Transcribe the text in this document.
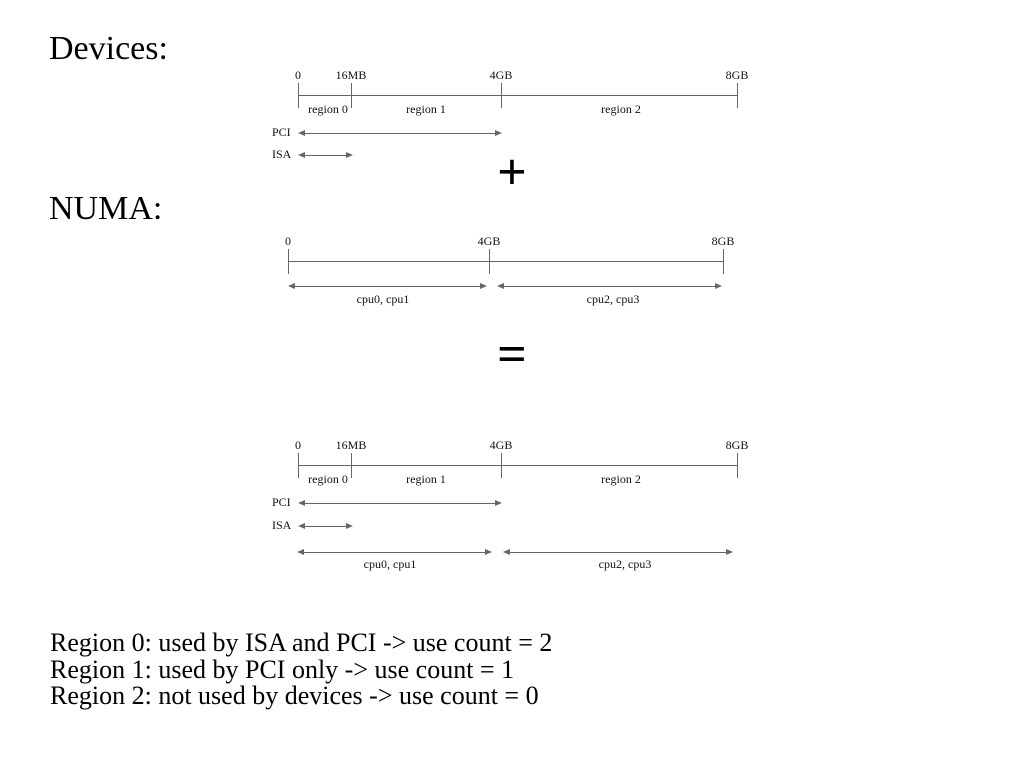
Devices:
NUMA:
+
=
Region 0: used by ISA and PCI -> use count = 2
Region 1: used by PCI only -> use count = 1
Region 2: not used by devices -> use count = 0
0	16MB	4GB	8GB
region 0	region 1	region 2
PCI
ISA
0	4GB	8GB
cpu0, cpu1	cpu2, cpu3
0	16MB	4GB	8GB
region 0	region 1	region 2
PCI
ISA
cpu0, cpu1	cpu2, cpu3
